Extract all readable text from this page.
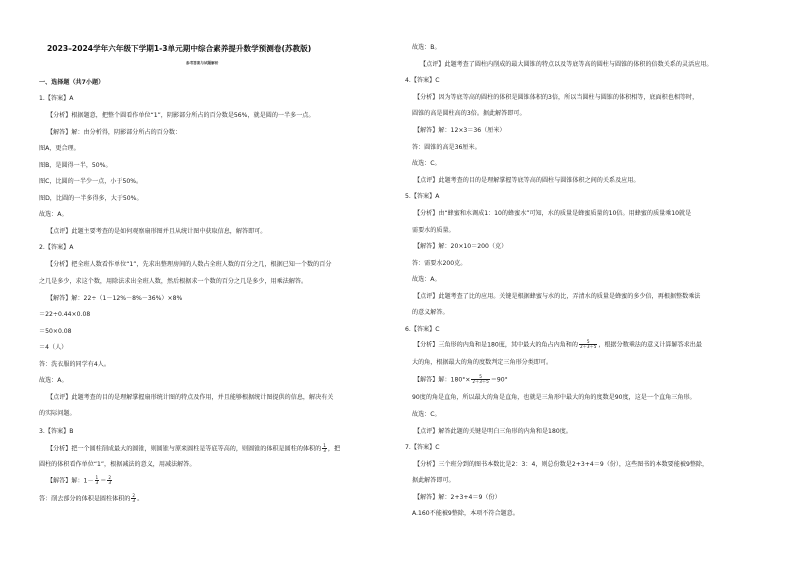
2023–2024学年六年级下学期1-3单元期中综合素养提升数学预测卷(苏教版)
参考答案与试题解析
一、选择题（共7小题）
1.【答案】A
【分析】根据题意，把整个圆看作单位“1”，阴影部分所占的百分数是56%，就是圆的一半多一点。
【解答】解：由分析得，阴影部分所占的百分数：
图A，更合理。
图B，是圆得一半，50%。
图C，比圆的一半少一点，小于50%。
图D，比圆的一半多得多，大于50%。
故选：A。
【点评】此题主要考查的是如何观察扇形图并且从统计图中获取信息，解答即可。
2.【答案】A
【分析】把全班人数看作单位“1”，先求出整理房间的人数占全班人数的百分之几，根据已知一个数的百分
之几是多少，求这个数，用除法求出全班人数，然后根据求一个数的百分之几是多少，用乘法解答。
【解答】解：22÷（1－12%－8%－36%）×8%
＝22÷0.44×0.08
＝50×0.08
＝4（人）
答：洗衣服的同学有4人。
故选：A。
【点评】此题考查的目的是理解掌握扇形统计图的特点及作用，并且能够根据统计图提供的信息，解决有关
的实际问题。
3.【答案】B
【分析】把一个圆柱削成最大的圆锥，则圆锥与原来圆柱是等底等高的，则圆锥的体积是圆柱的体积的 $\frac{1}{3}$ ，把
圆柱的体积看作单位“1”，根据减法的意义，用减法解答。
【解答】解：$1- \frac{1}{3} = \frac{2}{3}$
答：削去部分的体积是圆柱体积的 $\frac{2}{3}$ 。
故选：B。
【点评】此题考查了圆柱内削成的最大圆锥的特点以及等底等高的圆柱与圆锥的体积的倍数关系的灵活应用。
4.【答案】C
【分析】因为等底等高的圆柱的体积是圆锥体积的3倍，所以当圆柱与圆锥的体积相等，底面积也相等时，
圆锥的高是圆柱高的3倍。据此解答即可。
【解答】解：12×3＝36（厘米）
答：圆锥的高是36厘米。
故选：C。
【点评】此题考查的目的是理解掌握等底等高的圆柱与圆锥体积之间的关系及应用。
5.【答案】A
【分析】由“蜂蜜和水调成1：10的蜂蜜水”可知，水的质量是蜂蜜质量的10倍。用蜂蜜的质量乘10就是
需要水的质量。
【解答】解：20×10＝200（克）
答：需要水200克。
故选：A。
【点评】此题考查了比的应用。关键是根据蜂蜜与水的比，弄清水的质量是蜂蜜的多少倍，再根据整数乘法
的意义解答。
6.【答案】C
【分析】三角形的内角和是180度，其中最大的角占内角和的 $\frac{5}{2+3+5}$ ，根据分数乘法的意义计算解答求出最
大的角，根据最大的角的度数判定三角形分类即可。
【解答】解：$180^\circ\times \frac{5}{2+3+5} =90^\circ$
90度的角是直角，所以最大的角是直角，也就是三角形中最大的角的度数是90度，这是一个直角三角形。
故选：C。
【点评】解答此题的关键是明白三角形的内角和是180度。
7.【答案】C
【分析】三个班分到的图书本数比是2：3：4，则总份数是2+3+4＝9（份），这些图书的本数要能被9整除，
据此解答即可。
【解答】解：2+3+4＝9（份）
A.160不能被9整除，本项不符合题意。
